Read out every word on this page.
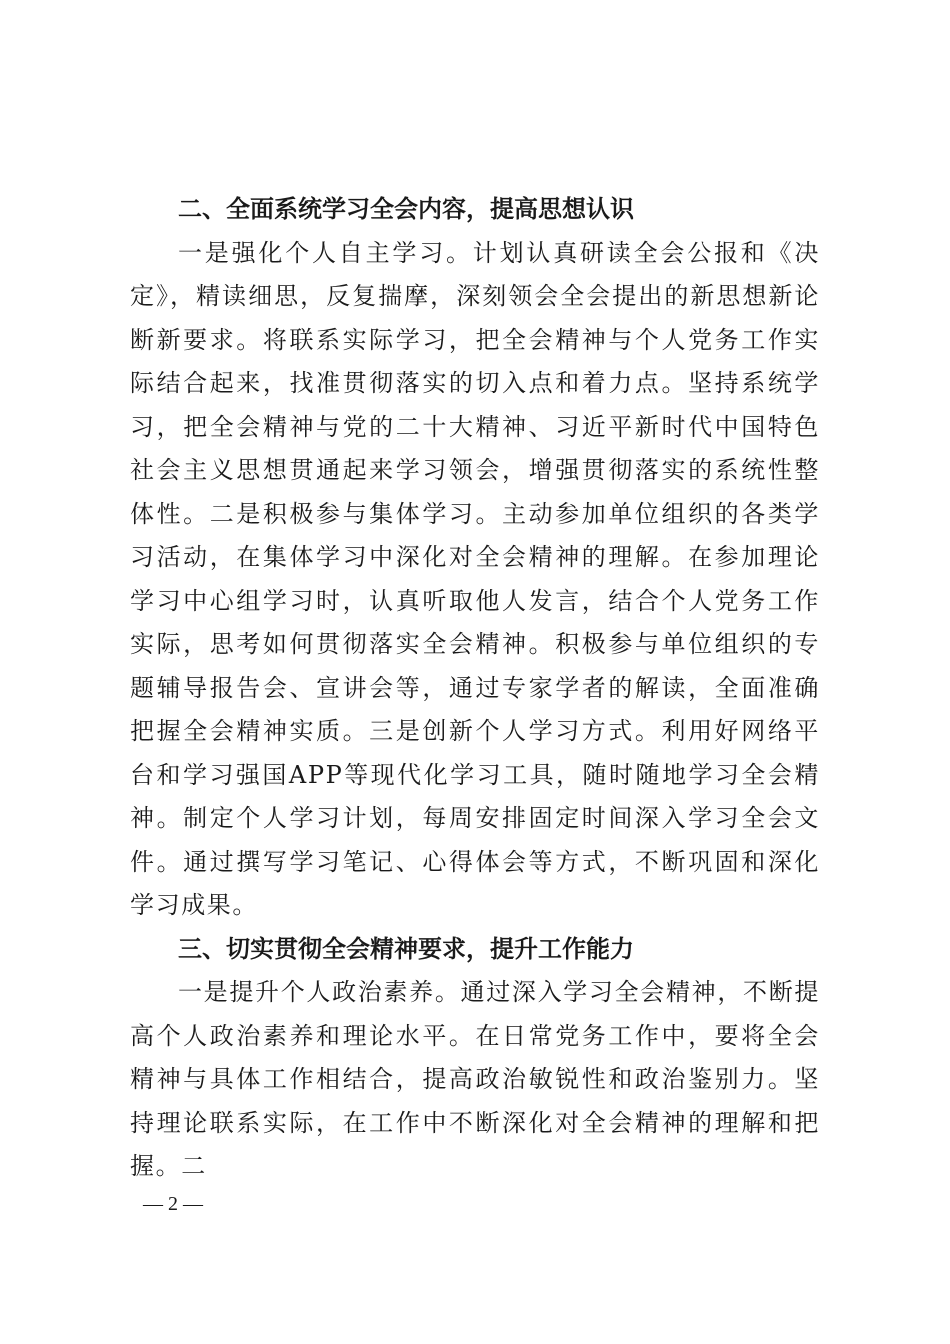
二、全面系统学习全会内容，提高思想认识

一是强化个人自主学习。计划认真研读全会公报和《决定》，精读细思，反复揣摩，深刻领会全会提出的新思想新论断新要求。将联系实际学习，把全会精神与个人党务工作实际结合起来，找准贯彻落实的切入点和着力点。坚持系统学习，把全会精神与党的二十大精神、习近平新时代中国特色社会主义思想贯通起来学习领会，增强贯彻落实的系统性整体性。二是积极参与集体学习。主动参加单位组织的各类学习活动，在集体学习中深化对全会精神的理解。在参加理论学习中心组学习时，认真听取他人发言，结合个人党务工作实际，思考如何贯彻落实全会精神。积极参与单位组织的专题辅导报告会、宣讲会等，通过专家学者的解读，全面准确把握全会精神实质。三是创新个人学习方式。利用好网络平台和学习强国APP等现代化学习工具，随时随地学习全会精神。制定个人学习计划，每周安排固定时间深入学习全会文件。通过撰写学习笔记、心得体会等方式，不断巩固和深化学习成果。

三、切实贯彻全会精神要求，提升工作能力

一是提升个人政治素养。通过深入学习全会精神，不断提高个人政治素养和理论水平。在日常党务工作中，要将全会精神与具体工作相结合，提高政治敏锐性和政治鉴别力。坚持理论联系实际，在工作中不断深化对全会精神的理解和把握。二

— 2 —
